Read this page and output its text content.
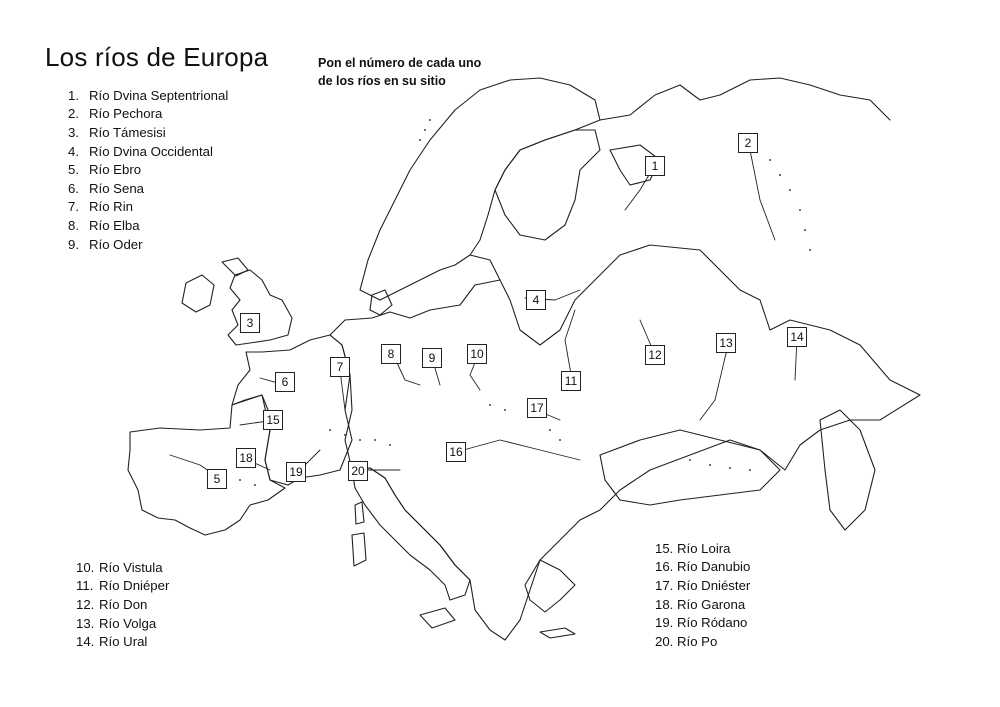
Los ríos de Europa	Pon el número de cada uno
de los ríos en su sitio
1. Río Dvina Septentrional
2. Río Pechora
3. Río Támesisi
4. Río Dvina Occidental
5. Río Ebro
6. Río Sena
7. Río Rin
8. Río Elba
9. Río Oder
10. Río Vistula
11. Río Dniéper
12. Río Don
13. Río Volga
14. Río Ural
15. Río Loira
16. Río Danubio
17. Río Dniéster
18. Río Garona
19. Río Ródano
20. Río Po
1
2
3
4
5
6
7
8	9	10
11
12
13	14
15
16
17
18
19	20
